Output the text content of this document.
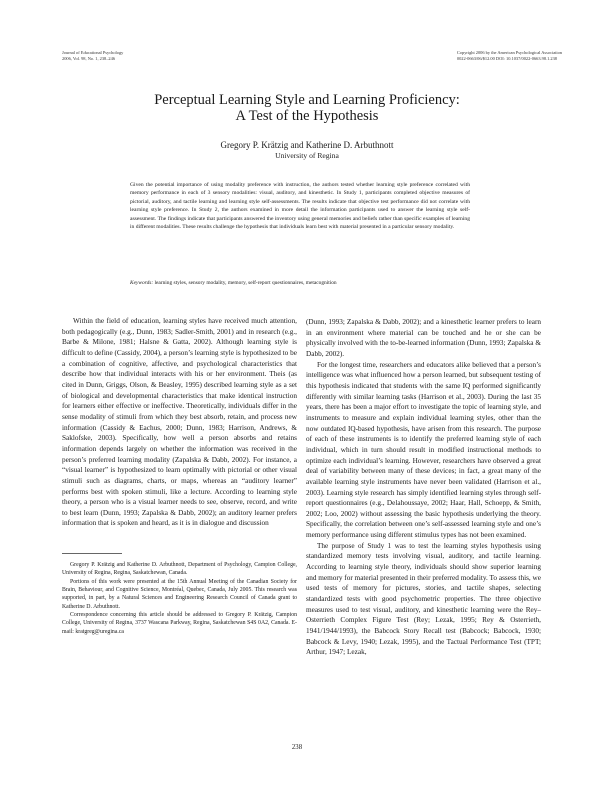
Journal of Educational Psychology
2006, Vol. 98, No. 1, 238–246
Copyright 2006 by the American Psychological Association
0022-0663/06/$12.00 DOI: 10.1037/0022-0663.98.1.238
Perceptual Learning Style and Learning Proficiency:
A Test of the Hypothesis
Gregory P. Krätzig and Katherine D. Arbuthnott
University of Regina
Given the potential importance of using modality preference with instruction, the authors tested whether learning style preference correlated with memory performance in each of 3 sensory modalities: visual, auditory, and kinesthetic. In Study 1, participants completed objective measures of pictorial, auditory, and tactile learning and learning style self-assessments. The results indicate that objective test performance did not correlate with learning style preference. In Study 2, the authors examined in more detail the information participants used to answer the learning style self-assessment. The findings indicate that participants answered the inventory using general memories and beliefs rather than specific examples of learning in different modalities. These results challenge the hypothesis that individuals learn best with material presented in a particular sensory modality.
Keywords: learning styles, sensory modality, memory, self-report questionnaires, metacognition

Within the field of education, learning styles have received much attention, both pedagogically (e.g., Dunn, 1983; Sadler-Smith, 2001) and in research (e.g., Barbe & Milone, 1981; Halsne & Gatta, 2002). Although learning style is difficult to define (Cassidy, 2004), a person’s learning style is hypothesized to be a combination of cognitive, affective, and psychological characteristics that describe how that individual interacts with his or her environment. Theis (as cited in Dunn, Griggs, Olson, & Beasley, 1995) described learning style as a set of biological and developmental characteristics that make identical instruction for learners either effective or ineffective. Theoretically, individuals differ in the sense modality of stimuli from which they best absorb, retain, and process new information (Cassidy & Eachus, 2000; Dunn, 1983; Harrison, Andrews, & Saklofske, 2003). Specifically, how well a person absorbs and retains information depends largely on whether the information was received in the person’s preferred learning modality (Zapalska & Dabb, 2002). For instance, a “visual learner” is hypothesized to learn optimally with pictorial or other visual stimuli such as diagrams, charts, or maps, whereas an “auditory learner” performs best with spoken stimuli, like a lecture. According to learning style theory, a person who is a visual learner needs to see, observe, record, and write to best learn (Dunn, 1993; Zapalska & Dabb, 2002); an auditory learner prefers information that is spoken and heard, as it is in dialogue and discussion

(Dunn, 1993; Zapalska & Dabb, 2002); and a kinesthetic learner prefers to learn in an environment where material can be touched and he or she can be physically involved with the to-be-learned information (Dunn, 1993; Zapalska & Dabb, 2002).

For the longest time, researchers and educators alike believed that a person’s intelligence was what influenced how a person learned, but subsequent testing of this hypothesis indicated that students with the same IQ performed significantly differently with similar learning tasks (Harrison et al., 2003). During the last 35 years, there has been a major effort to investigate the topic of learning style, and instruments to measure and explain individual learning styles, other than the now outdated IQ-based hypothesis, have arisen from this research. The purpose of each of these instruments is to identify the preferred learning style of each individual, which in turn should result in modified instructional methods to optimize each individual’s learning. However, researchers have observed a great deal of variability between many of these devices; in fact, a great many of the available learning style instruments have never been validated (Harrison et al., 2003). Learning style research has simply identified learning styles through self-report questionnaires (e.g., Delahoussaye, 2002; Haar, Hall, Schoepp, & Smith, 2002; Loo, 2002) without assessing the basic hypothesis underlying the theory. Specifically, the correlation between one’s self-assessed learning style and one’s memory performance using different stimulus types has not been examined.

The purpose of Study 1 was to test the learning styles hypothesis using standardized memory tests involving visual, auditory, and tactile learning. According to learning style theory, individuals should show superior learning and memory for material presented in their preferred modality. To assess this, we used tests of memory for pictures, stories, and tactile shapes, selecting standardized tests with good psychometric properties. The three objective measures used to test visual, auditory, and kinesthetic learning were the Rey–Osterrieth Complex Figure Test (Rey; Lezak, 1995; Rey & Osterrieth, 1941/1944/1993), the Babcock Story Recall test (Babcock; Babcock, 1930; Babcock & Levy, 1940; Lezak, 1995), and the Tactual Performance Test (TPT; Arthur, 1947; Lezak,

Gregory P. Krätzig and Katherine D. Arbuthnott, Department of Psychology, Campion College, University of Regina, Regina, Saskatchewan, Canada.

Portions of this work were presented at the 15th Annual Meeting of the Canadian Society for Brain, Behaviour, and Cognitive Science, Montréal, Quebec, Canada, July 2005. This research was supported, in part, by a Natural Sciences and Engineering Research Council of Canada grant to Katherine D. Arbuthnott.

Correspondence concerning this article should be addressed to Gregory P. Krätzig, Campion College, University of Regina, 3737 Wascana Parkway, Regina, Saskatchewan S4S 0A2, Canada. E-mail: kratgreg@uregina.ca

238
